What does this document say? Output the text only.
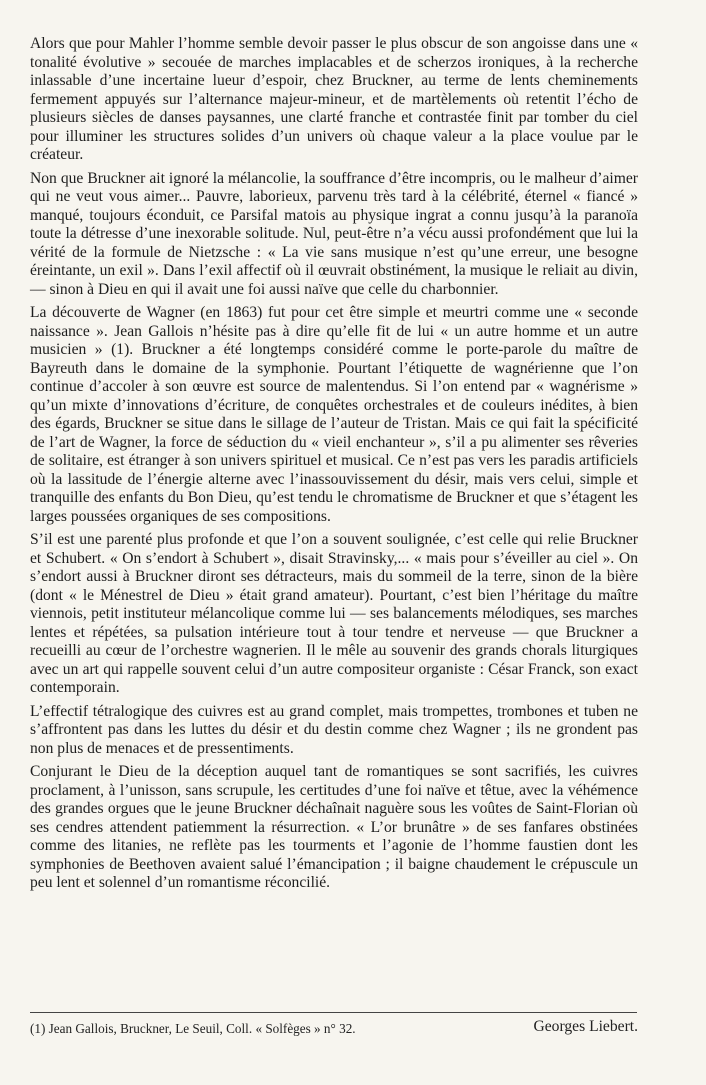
Alors que pour Mahler l’homme semble devoir passer le plus obscur de son angoisse dans une « tonalité évolutive » secouée de marches implacables et de scherzos ironiques, à la recherche inlassable d’une incertaine lueur d’espoir, chez Bruckner, au terme de lents cheminements fermement appuyés sur l’alternance majeur-mineur, et de martèlements où retentit l’écho de plusieurs siècles de danses paysannes, une clarté franche et contrastée finit par tomber du ciel pour illuminer les structures solides d’un univers où chaque valeur a la place voulue par le créateur.

Non que Bruckner ait ignoré la mélancolie, la souffrance d’être incompris, ou le malheur d’aimer qui ne veut vous aimer... Pauvre, laborieux, parvenu très tard à la célébrité, éternel « fiancé » manqué, toujours éconduit, ce Parsifal matois au physique ingrat a connu jusqu’à la paranoïa toute la détresse d’une inexorable solitude. Nul, peut-être n’a vécu aussi profondément que lui la vérité de la formule de Nietzsche : « La vie sans musique n’est qu’une erreur, une besogne éreintante, un exil ». Dans l’exil affectif où il œuvrait obstinément, la musique le reliait au divin, — sinon à Dieu en qui il avait une foi aussi naïve que celle du charbonnier.

La découverte de Wagner (en 1863) fut pour cet être simple et meurtri comme une « seconde naissance ». Jean Gallois n’hésite pas à dire qu’elle fit de lui « un autre homme et un autre musicien » (1). Bruckner a été longtemps considéré comme le porte-parole du maître de Bayreuth dans le domaine de la symphonie. Pourtant l’étiquette de wagnérienne que l’on continue d’accoler à son œuvre est source de malentendus. Si l’on entend par « wagnérisme » qu’un mixte d’innovations d’écriture, de conquêtes orchestrales et de couleurs inédites, à bien des égards, Bruckner se situe dans le sillage de l’auteur de Tristan. Mais ce qui fait la spécificité de l’art de Wagner, la force de séduction du « vieil enchanteur », s’il a pu alimenter ses rêveries de solitaire, est étranger à son univers spirituel et musical. Ce n’est pas vers les paradis artificiels où la lassitude de l’énergie alterne avec l’inassouvissement du désir, mais vers celui, simple et tranquille des enfants du Bon Dieu, qu’est tendu le chromatisme de Bruckner et que s’étagent les larges poussées organiques de ses compositions.

S’il est une parenté plus profonde et que l’on a souvent soulignée, c’est celle qui relie Bruckner et Schubert. « On s’endort à Schubert », disait Stravinsky,... « mais pour s’éveiller au ciel ». On s’endort aussi à Bruckner diront ses détracteurs, mais du sommeil de la terre, sinon de la bière (dont « le Ménestrel de Dieu » était grand amateur). Pourtant, c’est bien l’héritage du maître viennois, petit instituteur mélancolique comme lui — ses balancements mélodiques, ses marches lentes et répétées, sa pulsation intérieure tout à tour tendre et nerveuse — que Bruckner a recueilli au cœur de l’orchestre wagnerien. Il le mêle au souvenir des grands chorals liturgiques avec un art qui rappelle souvent celui d’un autre compositeur organiste : César Franck, son exact contemporain.

L’effectif tétralogique des cuivres est au grand complet, mais trompettes, trombones et tuben ne s’affrontent pas dans les luttes du désir et du destin comme chez Wagner ; ils ne grondent pas non plus de menaces et de pressentiments.

Conjurant le Dieu de la déception auquel tant de romantiques se sont sacrifiés, les cuivres proclament, à l’unisson, sans scrupule, les certitudes d’une foi naïve et têtue, avec la véhémence des grandes orgues que le jeune Bruckner déchaînait naguère sous les voûtes de Saint-Florian où ses cendres attendent patiemment la résurrection. « L’or brunâtre » de ses fanfares obstinées comme des litanies, ne reflète pas les tourments et l’agonie de l’homme faustien dont les symphonies de Beethoven avaient salué l’émancipation ; il baigne chaudement le crépuscule un peu lent et solennel d’un romantisme réconcilié.

(1) Jean Gallois, Bruckner, Le Seuil, Coll. « Solfèges » n° 32.	Georges Liebert.
